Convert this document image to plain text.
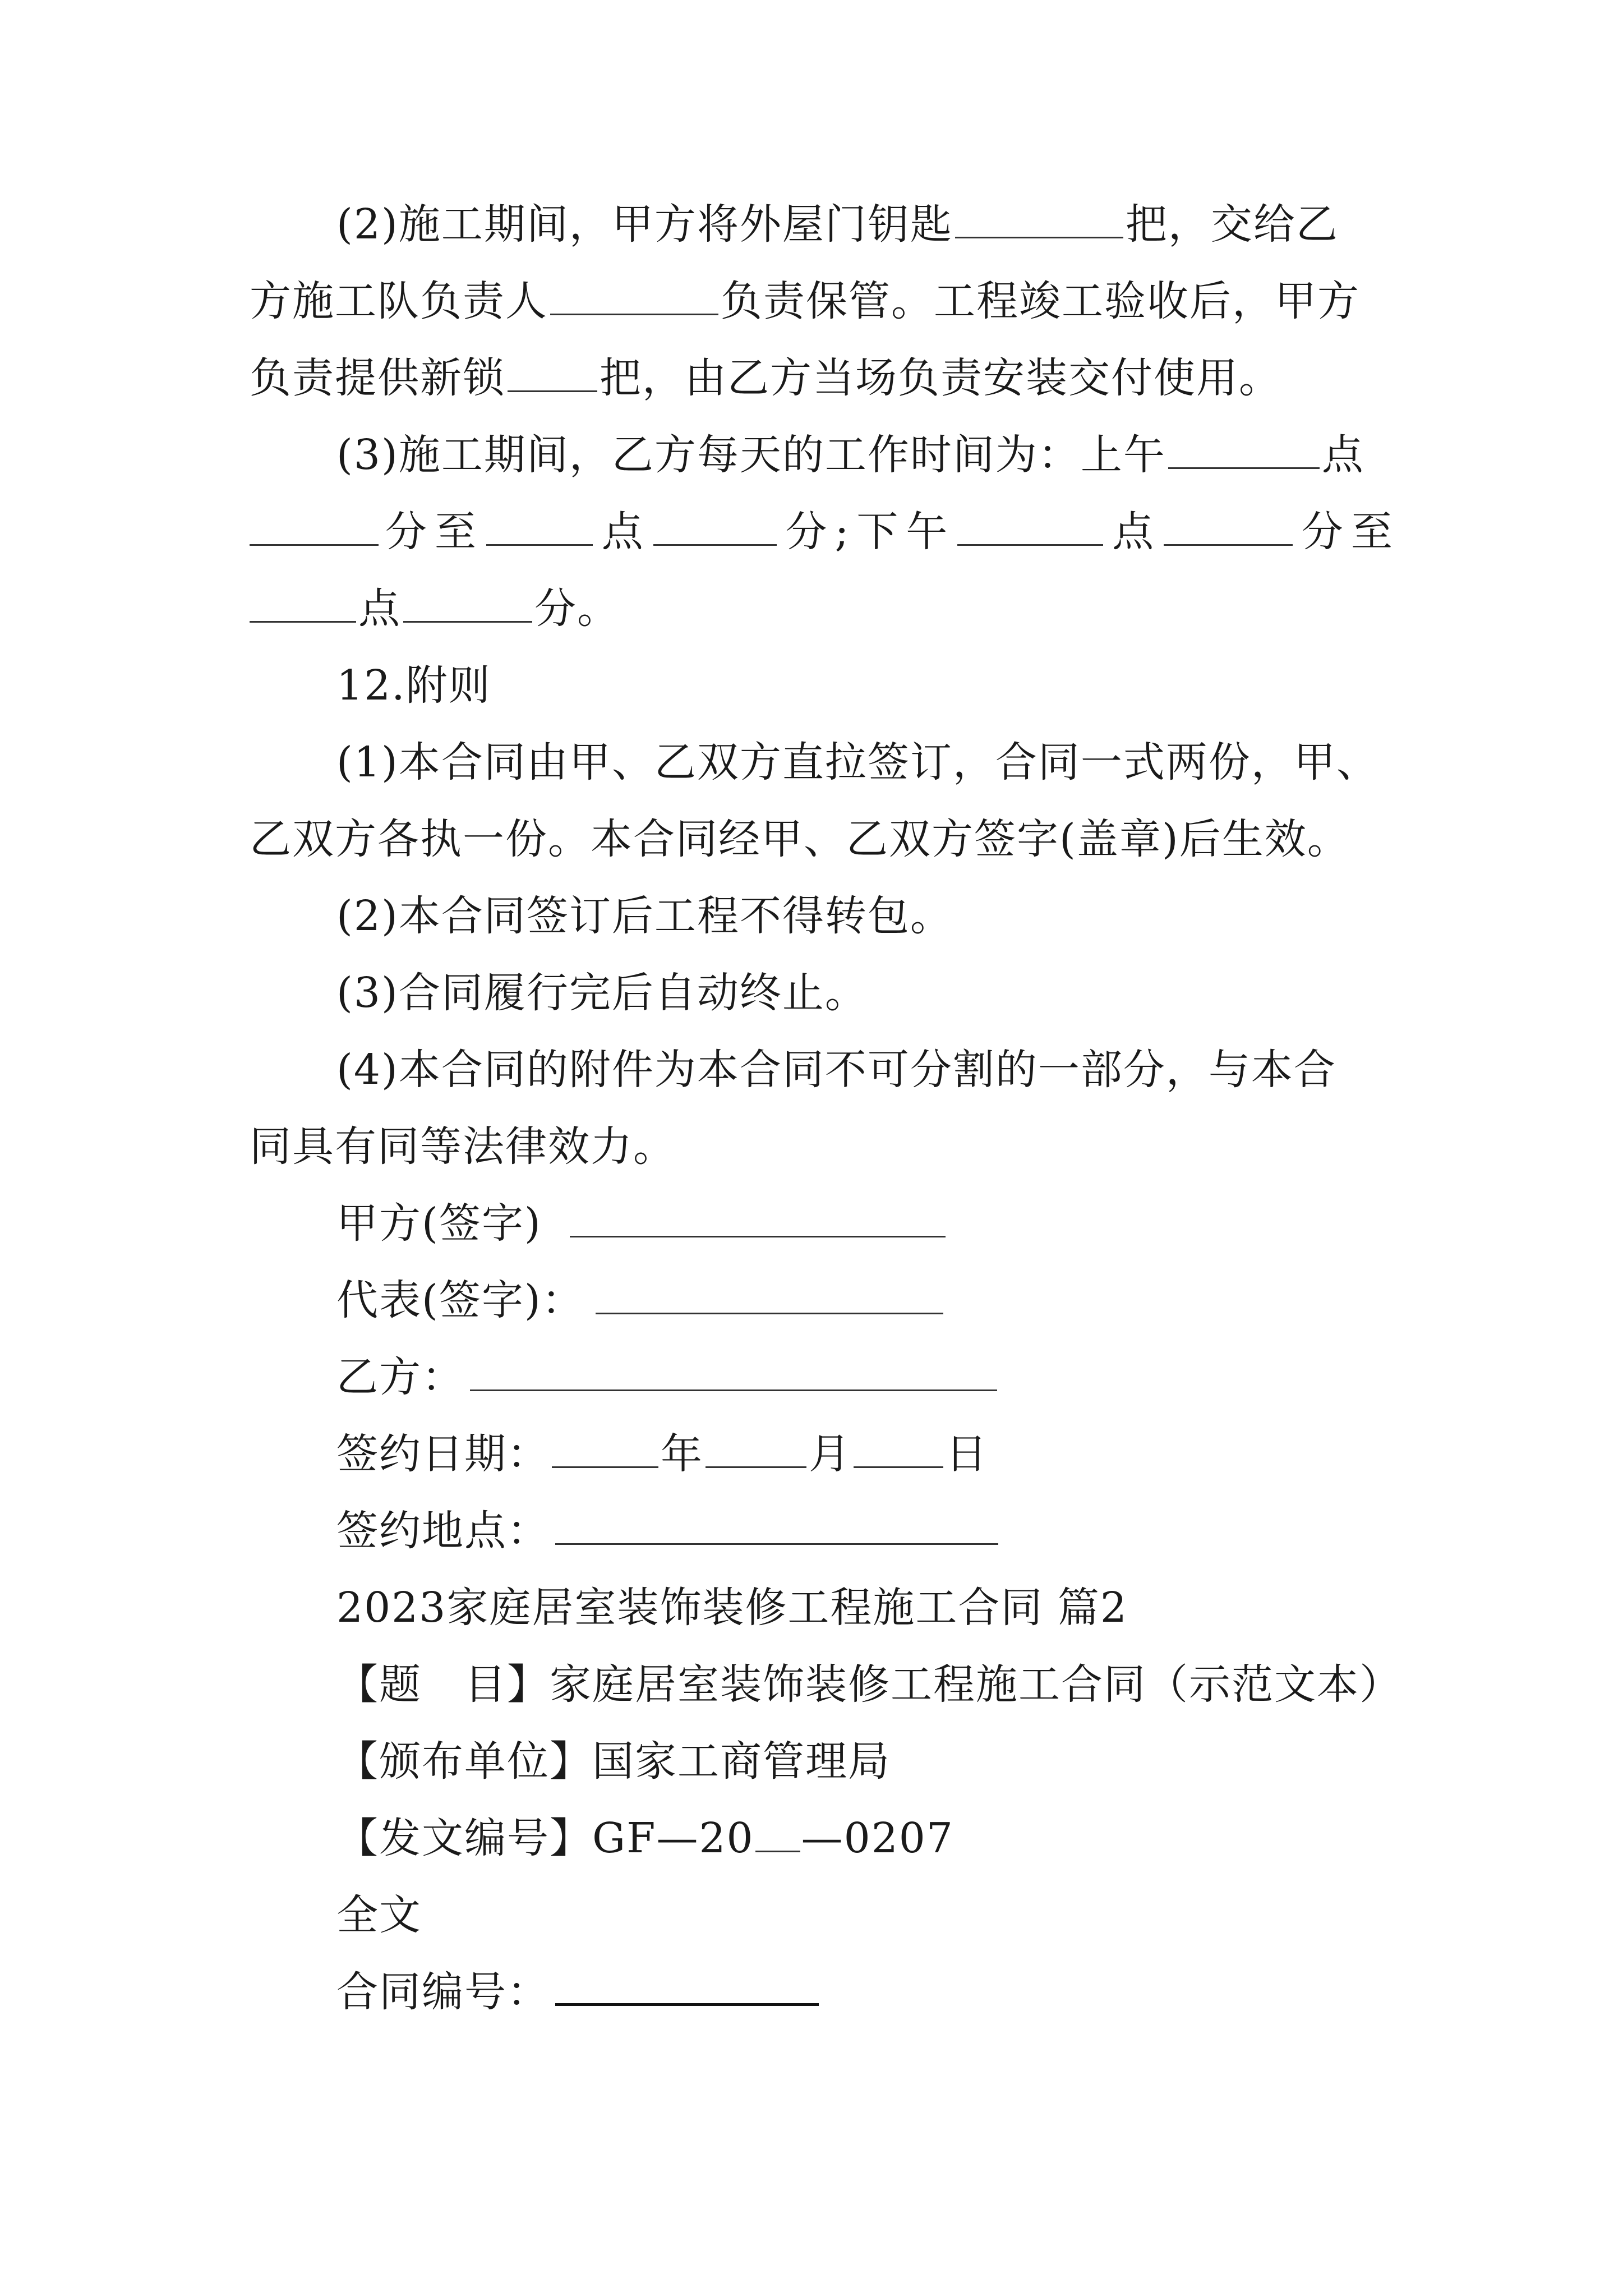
(2)施工期间，甲方将外屋门钥匙	把，交给乙
方施工队负责人	负责保管。工程竣工验收后，甲方
负责提供新锁 把，由乙方当场负责安装交付使用。
(3)施工期间，乙方每天的工作时间为：上午	点
分 至	点	分 ; 下 午	点	分 至
点	分。
12.附则
(1)本合同由甲、乙双方直拉签订，合同一式两份，甲、
乙双方各执一份。本合同经甲、乙双方签字(盖章)后生效。
(2)本合同签订后工程不得转包。
(3)合同履行完后自动终止。
(4)本合同的附件为本合同不可分割的一部分，与本合
同具有同等法律效力。
甲方(签字)
代表(签字)：
乙方：
签约日期：	年	月 日
签约地点：
2023家庭居室装饰装修工程施工合同 篇2
【题　目】家庭居室装饰装修工程施工合同（示范文本）
【颁布单位】国家工商管理局
【发文编号】GF—20 —0207
全文
合同编号：
